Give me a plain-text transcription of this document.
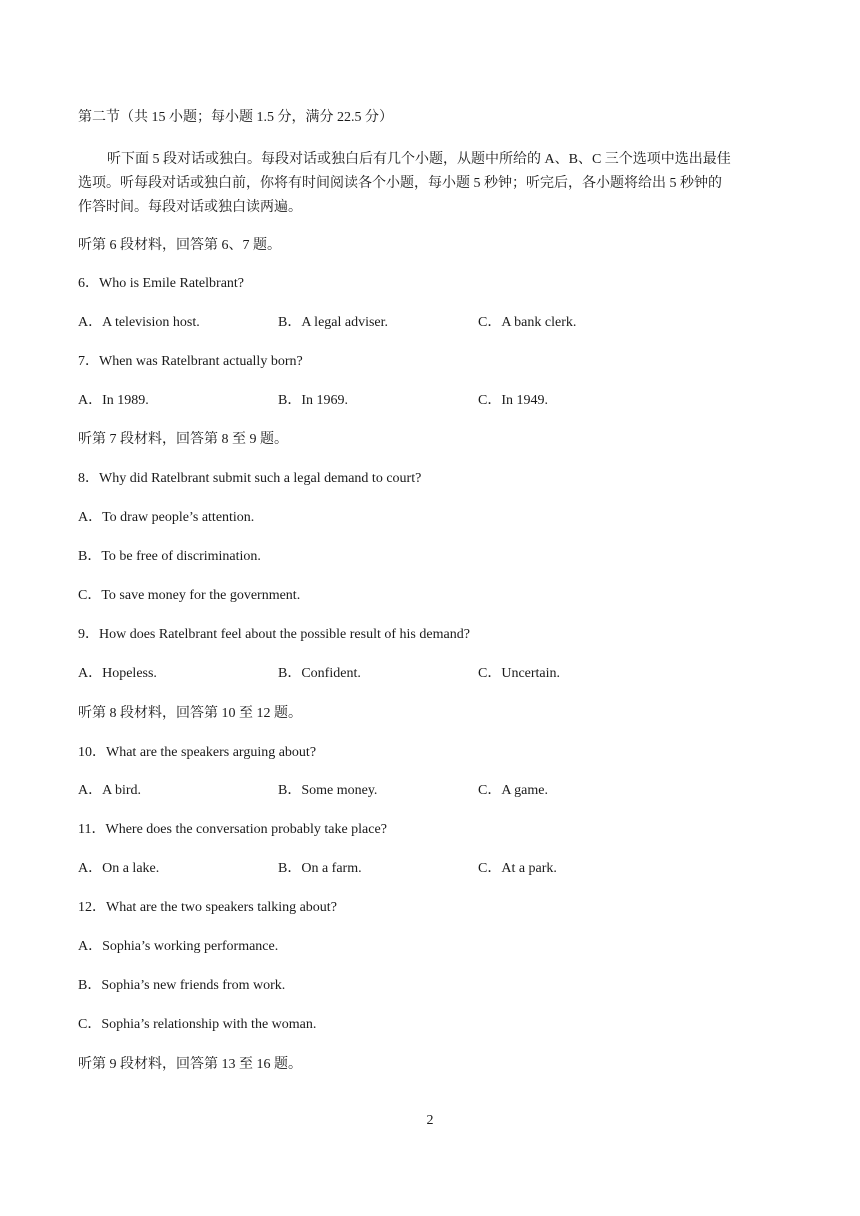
第二节（共 15 小题；每小题 1.5 分，满分 22.5 分）
听下面 5 段对话或独白。每段对话或独白后有几个小题，从题中所给的 A、B、C 三个选项中选出最佳
选项。听每段对话或独白前，你将有时间阅读各个小题，每小题 5 秒钟；听完后，各小题将给出 5 秒钟的
作答时间。每段对话或独白读两遍。
听第 6 段材料，回答第 6、7 题。
6．Who is Emile Ratelbrant?
A．A television host.	B．A legal adviser.	C．A bank clerk.
7．When was Ratelbrant actually born?
A．In 1989.	B．In 1969.	C．In 1949.
听第 7 段材料，回答第 8 至 9 题。
8．Why did Ratelbrant submit such a legal demand to court?
A．To draw people’s attention.
B．To be free of discrimination.
C．To save money for the government.
9．How does Ratelbrant feel about the possible result of his demand?
A．Hopeless.	B．Confident.	C．Uncertain.
听第 8 段材料，回答第 10 至 12 题。
10．What are the speakers arguing about?
A．A bird.	B．Some money.	C．A game.
11．Where does the conversation probably take place?
A．On a lake.	B．On a farm.	C．At a park.
12．What are the two speakers talking about?
A．Sophia’s working performance.
B．Sophia’s new friends from work.
C．Sophia’s relationship with the woman.
听第 9 段材料，回答第 13 至 16 题。
2
